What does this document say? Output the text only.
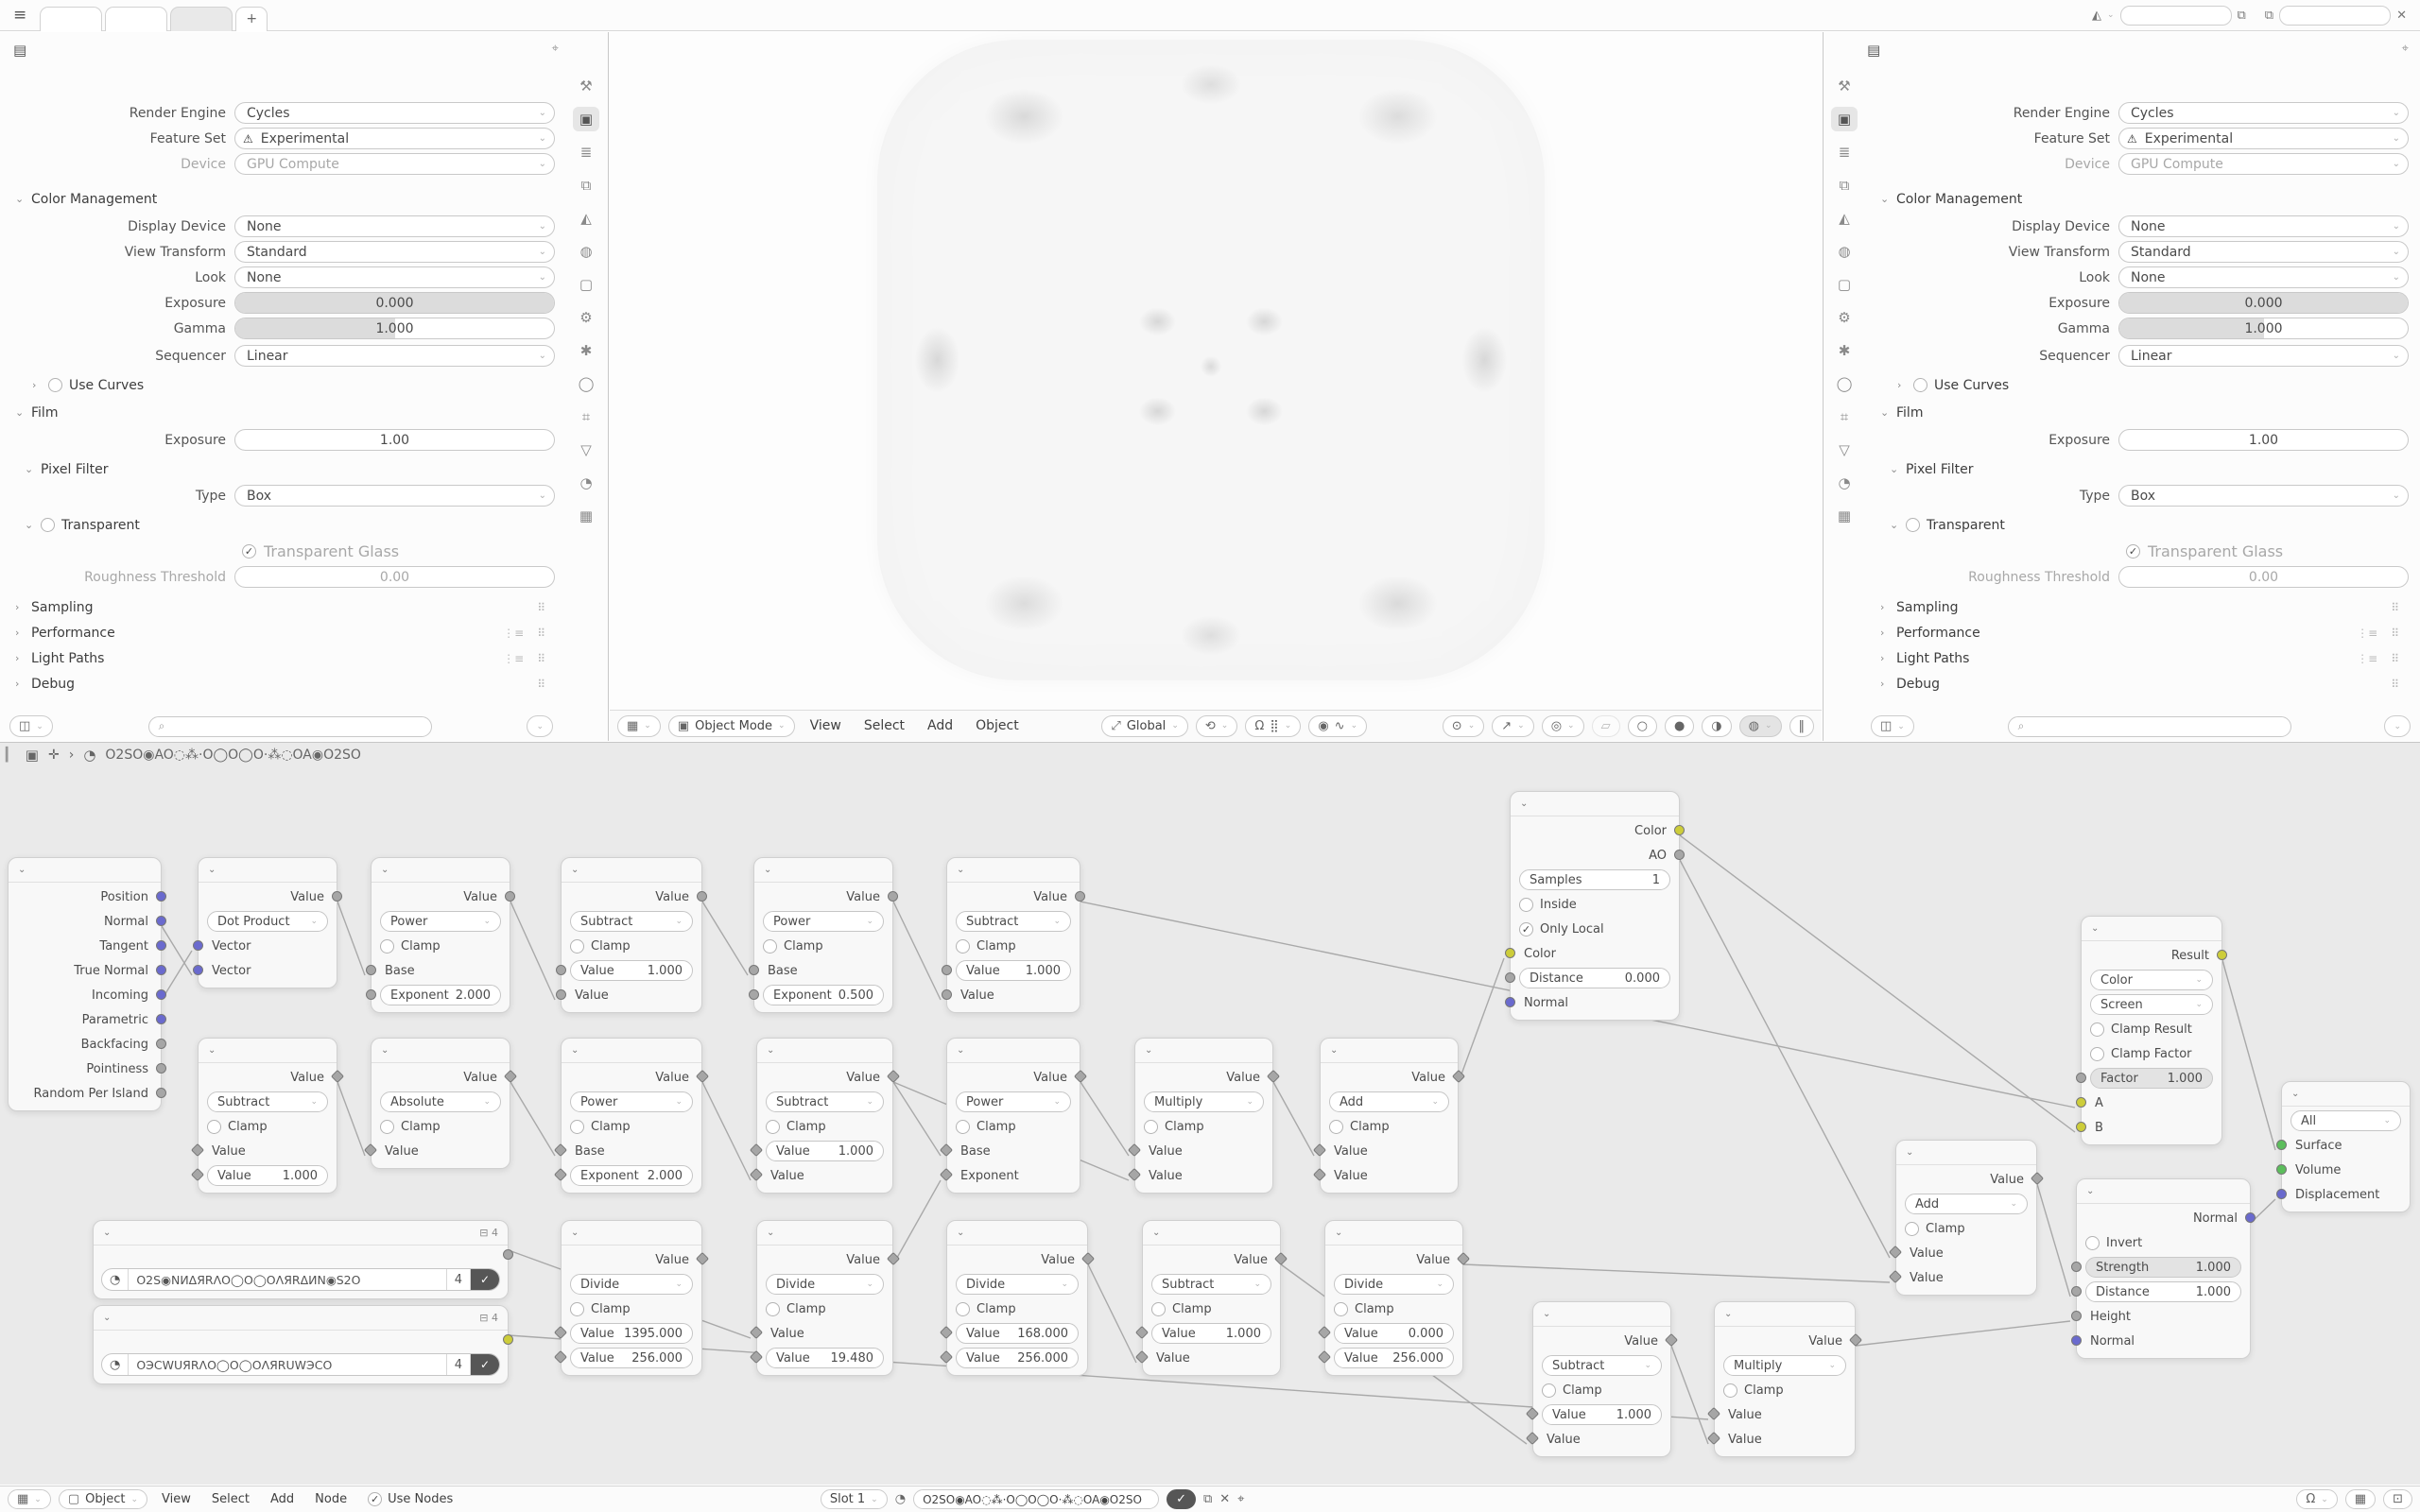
≡	+	◭ ⌄	⧉ ⧉	✕
▤	⌖
Render Engine	Cycles	⌄
Feature Set	⚠ Experimental	⌄
Device	GPU Compute	⌄
⌄ Color Management
Display Device	None	⌄
View Transform	Standard	⌄
Look	None	⌄
Exposure	0.000
Gamma	1.000
Sequencer	Linear	⌄
›	Use Curves
⌄ Film
Exposure	1.00
⌄ Pixel Filter
Type	Box	⌄
⌄ Transparent
✓
Transparent Glass
Roughness Threshold	0.00
› Sampling	⠿
› Performance	⋮≡ ⠿
› Light Paths	⋮≡ ⠿
› Debug	⠿
⚒
▣
≣
⧉
◭
◍
▢
⚙
✱
◯
⌗
▽
◔
▦
◫ ⌄	⌕	⌄
▤	⌖
Render Engine	Cycles	⌄
Feature Set	⚠ Experimental	⌄
Device	GPU Compute	⌄
⌄ Color Management
Display Device	None	⌄
View Transform	Standard	⌄
Look	None	⌄
Exposure	0.000
Gamma	1.000
Sequencer	Linear	⌄
›	Use Curves
⌄ Film
Exposure	1.00
⌄ Pixel Filter
Type	Box	⌄
⌄ Transparent
✓
Transparent Glass
Roughness Threshold	0.00
› Sampling	⠿
› Performance	⋮≡ ⠿
› Light Paths	⋮≡ ⠿
› Debug	⠿
⚒
▣
≣
⧉
◭
◍
▢
⚙
✱
◯
⌗
▽
◔
▦
◫ ⌄	⌕	⌄
▦ ⌄ ▣ Object Mode ⌄	View	Select	Add	Object	⤢ Global ⌄ ⟲ ⌄ Ω ⣿ ⌄ ◉ ∿ ⌄	⊙ ⌄ ↗ ⌄ ◎ ⌄ ▱ ○ ● ◑ ◍ ⌄ ‖
▎ ▣ ✛ › ◔ O2SO◉AO◌⁂·O◯O◯O·⁂◌OA◉O2SO
⌄
Position
Normal
Tangent
True Normal
Incoming
Parametric
Backfacing
Pointiness
Random Per Island
⌄
Value
Dot Product ⌄
Vector
Vector
⌄
Value
Power	⌄
Clamp
Base
Exponent 2.000
⌄
Value
Subtract	⌄
Clamp
Value	1.000
Value
⌄
Value
Power	⌄
Clamp
Base
Exponent 0.500
⌄
Value
Subtract	⌄
Clamp
Value 1.000
Value
⌄
Value
Subtract	⌄
Clamp
Value
Value	1.000
⌄
Value
Absolute	⌄
Clamp
Value
⌄
Value
Power	⌄
Clamp
Base
Exponent 2.000
⌄
Value
Subtract	⌄
Clamp
Value 1.000
Value
⌄
Value
Power	⌄
Clamp
Base
Exponent
⌄
Value
Multiply	⌄
Clamp
Value
Value
⌄
Value
Add	⌄
Clamp
Value
Value
⌄
Color
AO
Samples	1
Inside
✓
Only Local
Color
Distance	0.000
Normal
⌄	⊟ 4
◔	O2S◉NИΔЯRΛO◯O◯OΛЯRΔИN◉S2O	4	✓
⌄	⊟ 4
◔	OЭCWUЯRΛO◯O◯OΛЯRUWЭCO	4	✓
⌄
Value
Divide	⌄
Clamp
Value 1395.000
Value 256.000
⌄
Value
Divide	⌄
Clamp
Value
Value 19.480
⌄
Value
Divide	⌄
Clamp
Value 168.000
Value 256.000
⌄
Value
Subtract	⌄
Clamp
Value 1.000
Value
⌄
Value
Divide	⌄
Clamp
Value 0.000
Value 256.000
⌄
Value
Subtract	⌄
Clamp
Value 1.000
Value
⌄
Value
Multiply	⌄
Clamp
Value
Value
⌄
Value
Add	⌄
Clamp
Value
Value
⌄
Result
Color	⌄
Screen	⌄
Clamp Result
Clamp Factor
Factor 1.000
A
B
⌄
All	⌄
Surface
Volume
Displacement
⌄
Normal
Invert
Strength	1.000
Distance	1.000
Height
Normal
▦ ⌄ ▢ Object ⌄	View	Select	Add	Node ✓	Use Nodes	Slot 1 ⌄ ◔ O2SO◉AO◌⁂·O◯O◯O·⁂◌OA◉O2SO	✓	⧉ ✕ ⌖	Ω ⌄ ▦ ⊡
